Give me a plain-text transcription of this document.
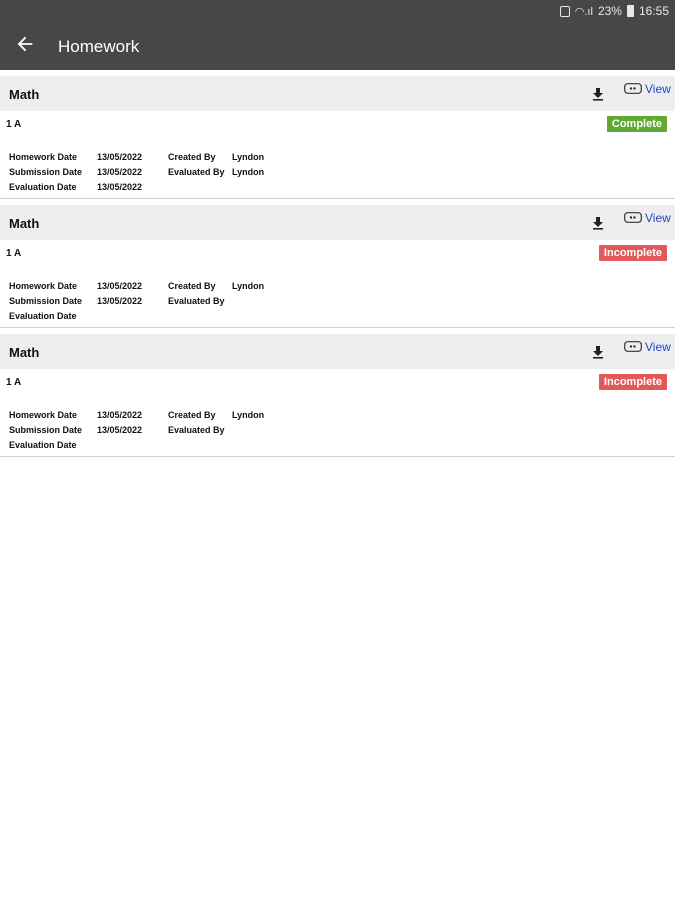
◠.ıl 23% 16:55
Homework
Math	View
1 A	Complete
Homework Date	13/05/2022	Created By	Lyndon
Submission Date	13/05/2022	Evaluated By Lyndon
Evaluation Date	13/05/2022
Math	View
1 A	Incomplete
Homework Date	13/05/2022	Created By	Lyndon
Submission Date	13/05/2022	Evaluated By
Evaluation Date
Math	View
1 A	Incomplete
Homework Date	13/05/2022	Created By	Lyndon
Submission Date	13/05/2022	Evaluated By
Evaluation Date
